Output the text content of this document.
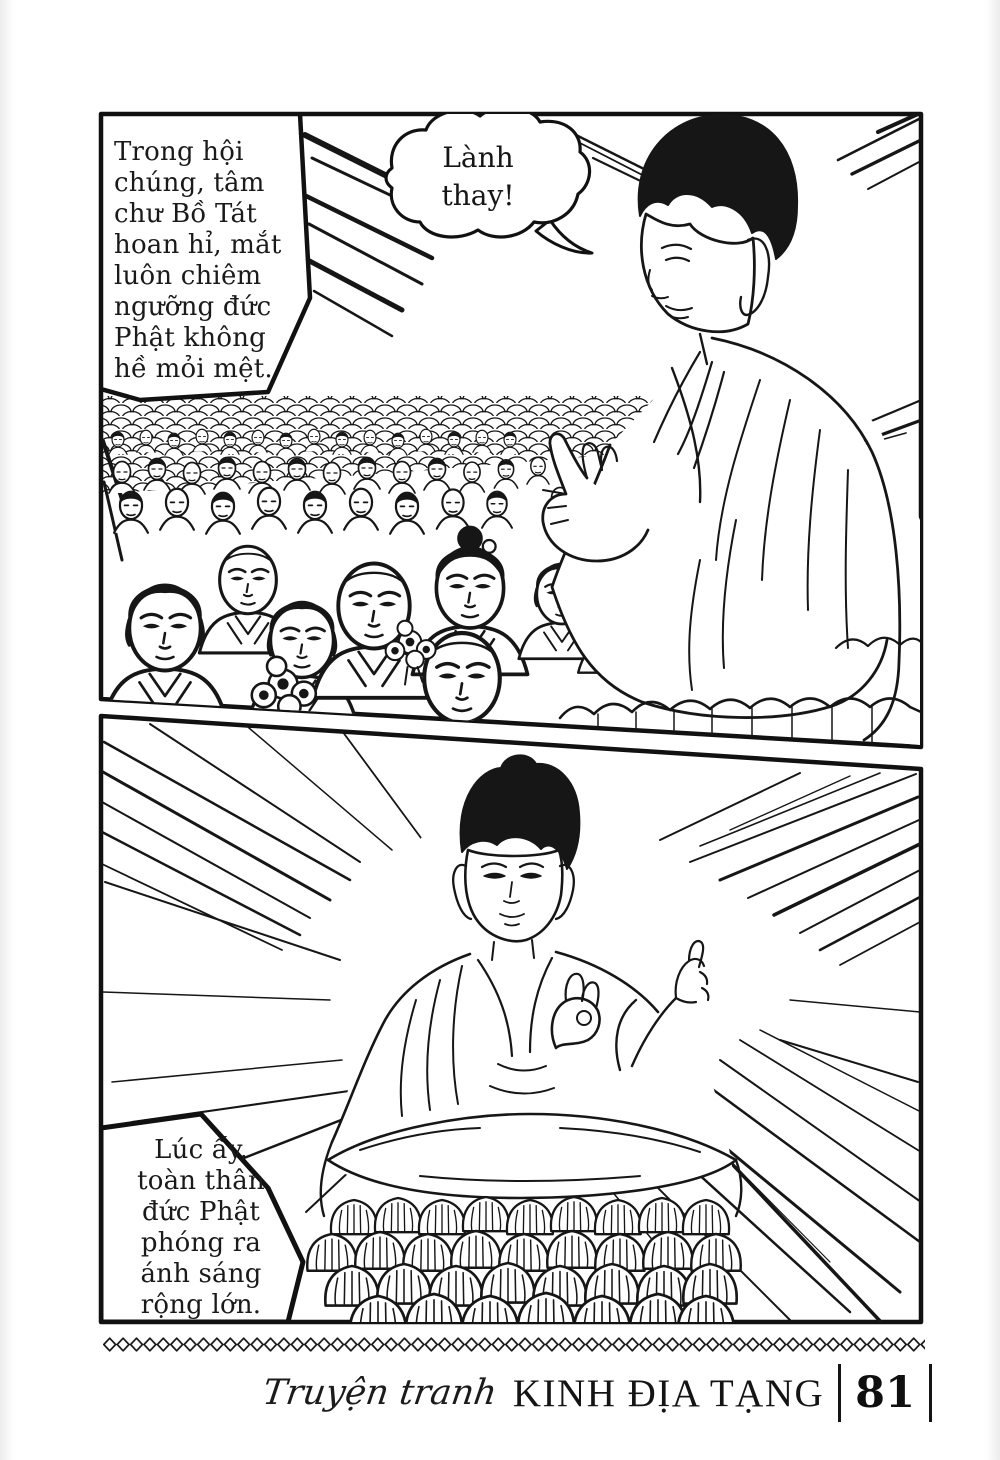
Trong hội
chúng, tâm
chư Bồ Tát
hoan hỉ, mắt
luôn chiêm
ngưỡng đức
Phật không
hề mỏi mệt.
Lành
thay!
Lúc ấy,
toàn thân
đức Phật
phóng ra
ánh sáng
rộng lớn.
Truyện tranh KINH ĐỊA TẠNG 81
